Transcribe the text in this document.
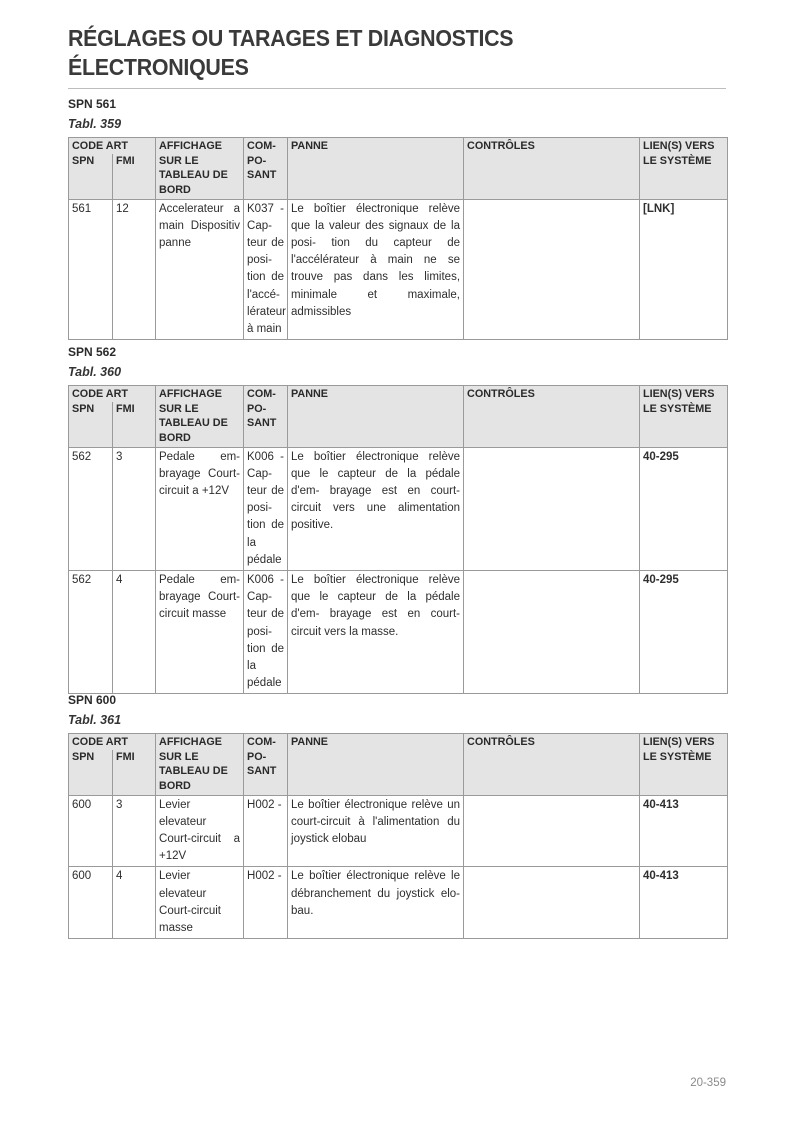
RÉGLAGES OU TARAGES ET DIAGNOSTICS
ÉLECTRONIQUES
SPN 561
Tabl. 359
CODE ART		AFFICHAGE SUR LE TABLEAU DE BORD	COM- PO- SANT	PANNE	CONTRÔLES	LIEN(S) VERS LE SYSTÈME
SPN	FMI					
561	12	Accelerateur a main Dispositiv panne	K037 - Cap- teur de posi- tion de l'accé- lérateur à main	Le boîtier électronique relève que la valeur des signaux de la posi- tion du capteur de l'accélérateur à main ne se trouve pas dans les limites, minimale et maximale, admissibles		[LNK]
SPN 562
Tabl. 360
CODE ART		AFFICHAGE SUR LE TABLEAU DE BORD	COM- PO- SANT	PANNE	CONTRÔLES	LIEN(S) VERS LE SYSTÈME
SPN	FMI					
562	3	Pedale em- brayage Court- circuit a +12V	K006 - Cap- teur de posi- tion de la pédale	Le boîtier électronique relève que le capteur de la pédale d'em- brayage est en court-circuit vers une alimentation positive.		40-295
562	4	Pedale em- brayage Court- circuit masse	K006 - Cap- teur de posi- tion de la pédale	Le boîtier électronique relève que le capteur de la pédale d'em- brayage est en court-circuit vers la masse.		40-295
SPN 600
Tabl. 361
CODE ART		AFFICHAGE SUR LE TABLEAU DE BORD	COM- PO- SANT	PANNE	CONTRÔLES	LIEN(S) VERS LE SYSTÈME
SPN	FMI					
600	3	Levier elevateur Court-circuit a +12V	H002 -	Le boîtier électronique relève un court-circuit à l'alimentation du joystick elobau		40-413
600	4	Levier elevateur Court-circuit masse	H002 -	Le boîtier électronique relève le débranchement du joystick elo- bau.		40-413
20-359
